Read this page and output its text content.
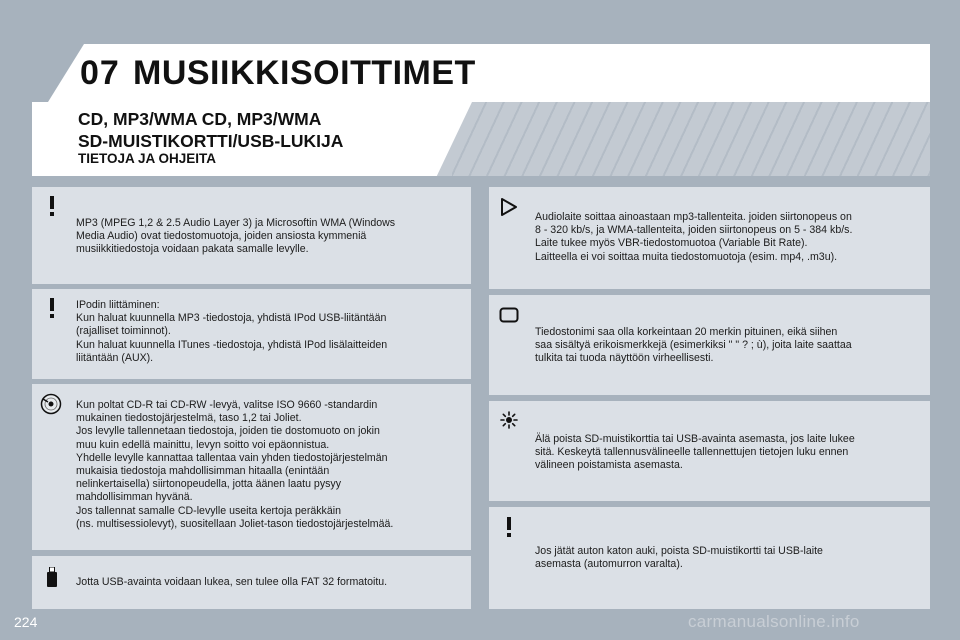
07 MUSIIKKISOITTIMET
CD, MP3/WMA CD, MP3/WMA
SD-MUISTIKORTTI/USB-LUKIJA
TIETOJA JA OHJEITA

MP3 (MPEG 1,2 & 2.5 Audio Layer 3) ja Microsoftin WMA (Windows
Media Audio) ovat tiedostomuotoja, joiden ansiosta kymmeniä
musiikkitiedostoja voidaan pakata samalle levylle.

IPodin liittäminen:
Kun haluat kuunnella MP3 -tiedostoja, yhdistä IPod USB-liitäntään
(rajalliset toiminnot).
Kun haluat kuunnella ITunes -tiedostoja, yhdistä IPod lisälaitteiden
liitäntään (AUX).

Kun poltat CD-R tai CD-RW -levyä, valitse ISO 9660 -standardin
mukainen tiedostojärjestelmä, taso 1,2 tai Joliet.
Jos levylle tallennetaan tiedostoja, joiden tie dostomuoto on jokin
muu kuin edellä mainittu, levyn soitto voi epäonnistua.
Yhdelle levylle kannattaa tallentaa vain yhden tiedostojärjestelmän
mukaisia tiedostoja mahdollisimman hitaalla (enintään
nelinkertaisella) siirtonopeudella, jotta äänen laatu pysyy
mahdollisimman hyvänä.
Jos tallennat samalle CD-levylle useita kertoja peräkkäin
(ns. multisessiolevyt), suositellaan Joliet-tason tiedostojärjestelmää.

Jotta USB-avainta voidaan lukea, sen tulee olla FAT 32 formatoitu.

Audiolaite soittaa ainoastaan mp3-tallenteita. joiden siirtonopeus on
8 - 320 kb/s, ja WMA-tallenteita, joiden siirtonopeus on 5 - 384 kb/s.
Laite tukee myös VBR-tiedostomuotoa (Variable Bit Rate).
Laitteella ei voi soittaa muita tiedostomuotoja (esim. mp4, .m3u).

Tiedostonimi saa olla korkeintaan 20 merkin pituinen, eikä siihen
saa sisältyä erikoismerkkejä (esimerkiksi " " ? ; ù), joita laite saattaa
tulkita tai tuoda näyttöön virheellisesti.

Älä poista SD-muistikorttia tai USB-avainta asemasta, jos laite lukee
sitä. Keskeytä tallennusvälineelle tallennettujen tietojen luku ennen
välineen poistamista asemasta.

Jos jätät auton katon auki, poista SD-muistikortti tai USB-laite
asemasta (automurron varalta).

224	carmanualsonline.info
